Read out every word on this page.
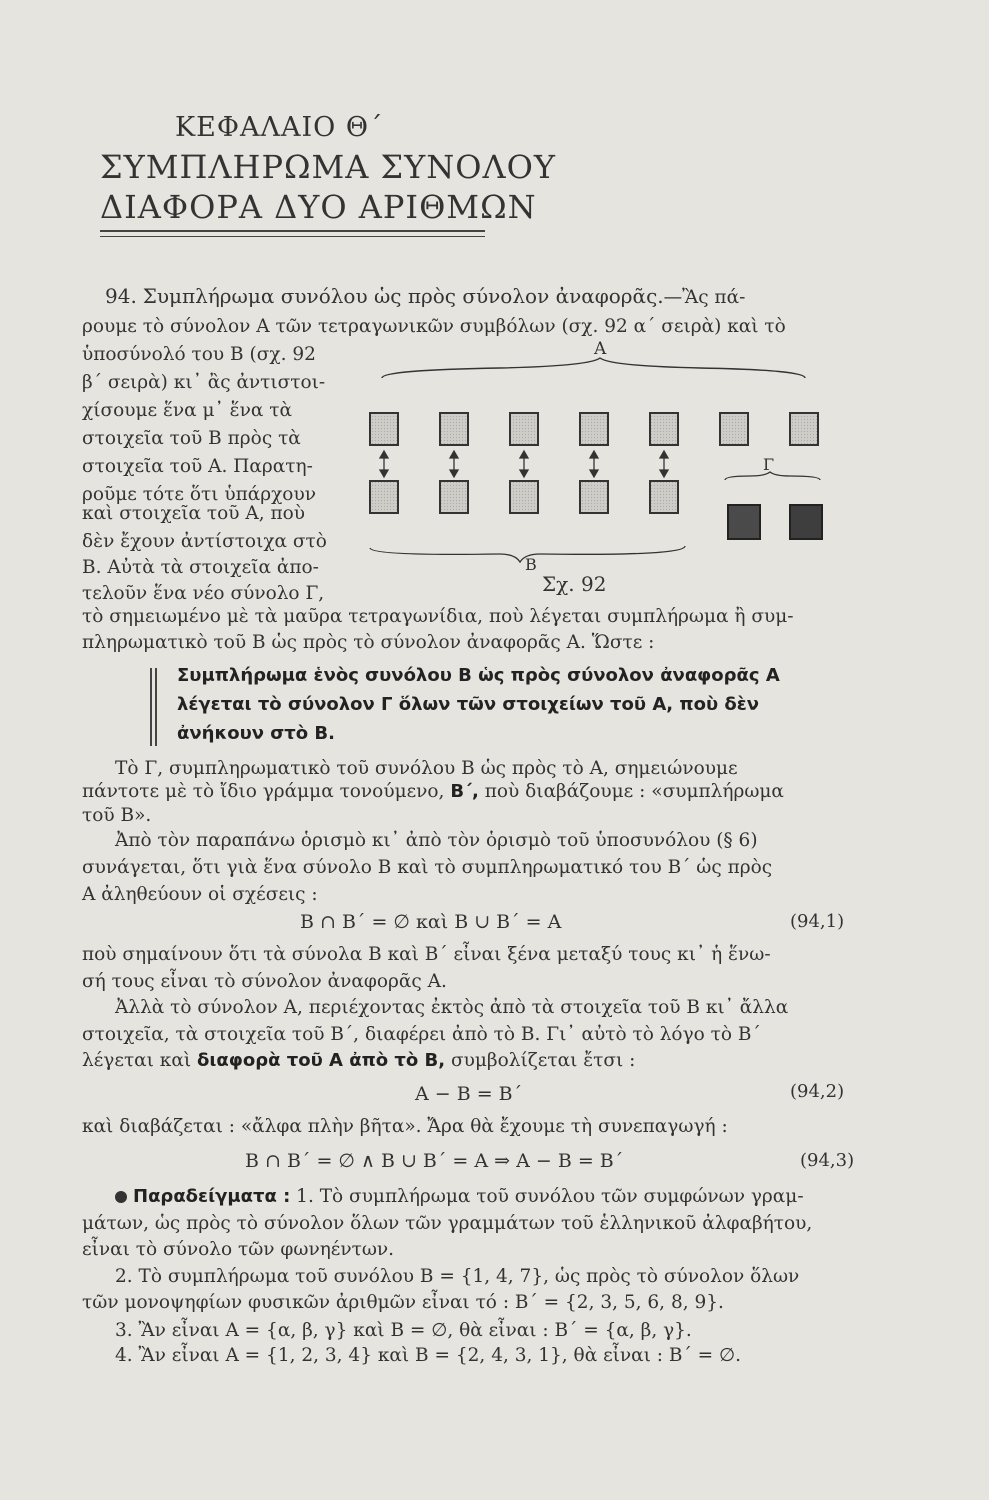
ΚΕΦΑΛΑΙΟ Θ΄
ΣΥΜΠΛΗΡΩΜΑ ΣΥΝΟΛΟΥ
ΔΙΑΦΟΡΑ ΔΥΟ ΑΡΙΘΜΩΝ
94. Συμπλήρωμα συνόλου ὡς πρὸς σύνολον ἀναφορᾶς.—Ἂς πά-
ρουμε τὸ σύνολον Α τῶν τετραγωνικῶν συμβόλων (σχ. 92 α΄ σειρὰ) καὶ τὸ
ὑποσύνολό του Β (σχ. 92
β΄ σειρὰ) κι᾽ ἂς ἀντιστοι-
χίσουμε ἕνα μ᾽ ἕνα τὰ
στοιχεῖα τοῦ Β πρὸς τὰ
στοιχεῖα τοῦ Α. Παρατη-
ροῦμε τότε ὅτι ὑπάρχουν
καὶ στοιχεῖα τοῦ Α, ποὺ
δὲν ἔχουν ἀντίστοιχα στὸ
Β. Αὐτὰ τὰ στοιχεῖα ἀπο-
τελοῦν ἕνα νέο σύνολο Γ,
τὸ σημειωμένο μὲ τὰ μαῦρα τετραγωνίδια, ποὺ λέγεται συμπλήρωμα ἢ συμ-
πληρωματικὸ τοῦ Β ὡς πρὸς τὸ σύνολον ἀναφορᾶς Α. Ὥστε :
Α
Γ
Β
Σχ. 92
Συμπλήρωμα ἑνὸς συνόλου Β ὡς πρὸς σύνολον ἀναφορᾶς Α
λέγεται τὸ σύνολον Γ ὅλων τῶν στοιχείων τοῦ Α, ποὺ δὲν
ἀνήκουν στὸ Β.
Τὸ Γ, συμπληρωματικὸ τοῦ συνόλου Β ὡς πρὸς τὸ Α, σημειώνουμε
πάντοτε μὲ τὸ ἴδιο γράμμα τονούμενο, Β΄, ποὺ διαβάζουμε : «συμπλήρωμα
τοῦ Β».
Ἀπὸ τὸν παραπάνω ὁρισμὸ κι᾽ ἀπὸ τὸν ὁρισμὸ τοῦ ὑποσυνόλου (§ 6)
συνάγεται, ὅτι γιὰ ἕνα σύνολο Β καὶ τὸ συμπληρωματικό του Β΄ ὡς πρὸς
Α ἀληθεύουν οἱ σχέσεις :
Β ∩ Β΄ = ∅ καὶ Β ∪ Β΄ = Α	(94,1)
ποὺ σημαίνουν ὅτι τὰ σύνολα Β καὶ Β΄ εἶναι ξένα μεταξύ τους κι᾽ ἡ ἕνω-
σή τους εἶναι τὸ σύνολον ἀναφορᾶς Α.
Ἀλλὰ τὸ σύνολον Α, περιέχοντας ἐκτὸς ἀπὸ τὰ στοιχεῖα τοῦ Β κι᾽ ἄλλα
στοιχεῖα, τὰ στοιχεῖα τοῦ Β΄, διαφέρει ἀπὸ τὸ Β. Γι᾽ αὐτὸ τὸ λόγο τὸ Β΄
λέγεται καὶ διαφορὰ τοῦ Α ἀπὸ τὸ Β, συμβολίζεται ἔτσι :
Α − Β = Β΄	(94,2)
καὶ διαβάζεται : «ἄλφα πλὴν βῆτα». Ἄρα θὰ ἔχουμε τὴ συνεπαγωγή :
Β ∩ Β΄ = ∅ ∧ Β ∪ Β΄ = Α ⇒ Α − Β = Β΄	(94,3)
Παραδείγματα : 1. Τὸ συμπλήρωμα τοῦ συνόλου τῶν συμφώνων γραμ-
μάτων, ὡς πρὸς τὸ σύνολον ὅλων τῶν γραμμάτων τοῦ ἑλληνικοῦ ἀλφαβήτου,
εἶναι τὸ σύνολο τῶν φωνηέντων.
2. Τὸ συμπλήρωμα τοῦ συνόλου Β = {1, 4, 7}, ὡς πρὸς τὸ σύνολον ὅλων
τῶν μονοψηφίων φυσικῶν ἀριθμῶν εἶναι τό : Β΄ = {2, 3, 5, 6, 8, 9}.
3. Ἂν εἶναι Α = {α, β, γ} καὶ Β = ∅, θὰ εἶναι : Β΄ = {α, β, γ}.
4. Ἂν εἶναι Α = {1, 2, 3, 4} καὶ Β = {2, 4, 3, 1}, θὰ εἶναι : Β΄ = ∅.
